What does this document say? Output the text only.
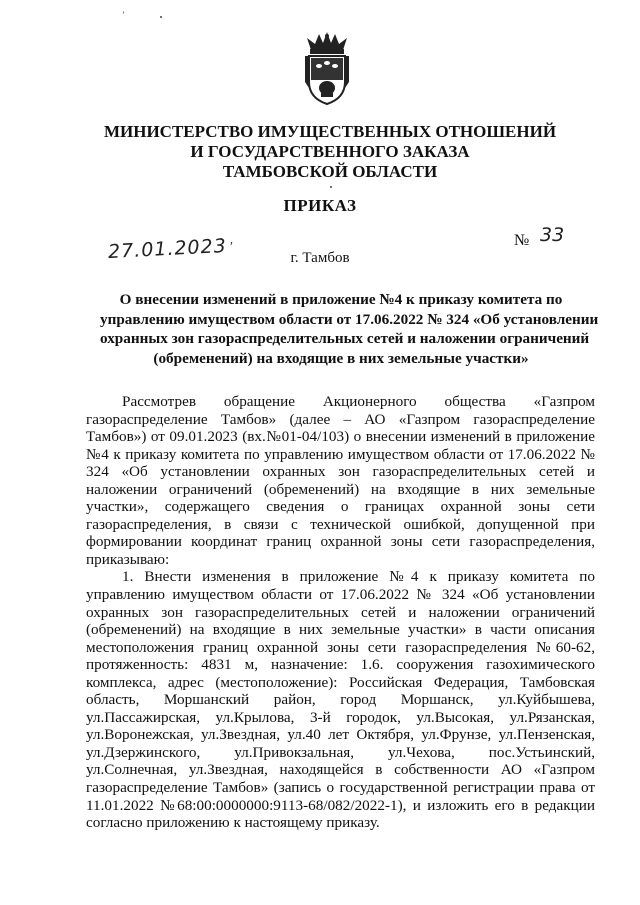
ʼ
МИНИСТЕРСТВО ИМУЩЕСТВЕННЫХ ОТНОШЕНИЙ
И ГОСУДАРСТВЕННОГО ЗАКАЗА
ТАМБОВСКОЙ ОБЛАСТИ
ПРИКАЗ
27.01.2023 ′	№ 33
г. Тамбов
О внесении изменений в приложение №4 к приказу комитета по
управлению имуществом области от 17.06.2022 № 324 «Об установлении
охранных зон газораспределительных сетей и наложении ограничений
(обременений) на входящие в них земельные участки»
Рассмотрев обращение Акционерного общества «Газпром газораспределение Тамбов» (далее – АО «Газпром газораспределение Тамбов») от 09.01.2023 (вх.№01-04/103) о внесении изменений в приложение №4 к приказу комитета по управлению имуществом области от 17.06.2022 № 324 «Об установлении охранных зон газораспределительных сетей и наложении ограничений (обременений) на входящие в них земельные участки», содержащего сведения о границах охранной зоны сети газораспределения, в связи с технической ошибкой, допущенной при формировании координат границ охранной зоны сети газораспределения, приказываю:
1. Внести изменения в приложение №4 к приказу комитета по управлению имуществом области от 17.06.2022 № 324 «Об установлении охранных зон газораспределительных сетей и наложении ограничений (обременений) на входящие в них земельные участки» в части описания местоположения границ охранной зоны сети газораспределения №60-62, протяженность: 4831 м, назначение: 1.6. сооружения газохимического комплекса, адрес (местоположение): Российская Федерация, Тамбовская область, Моршанский район, город Моршанск, ул.Куйбышева, ул.Пассажирская, ул.Крылова, 3-й городок, ул.Высокая, ул.Рязанская, ул.Воронежская, ул.Звездная, ул.40 лет Октября, ул.Фрунзе, ул.Пензенская, ул.Дзержинского, ул.Привокзальная, ул.Чехова, пос.Устьинский, ул.Солнечная, ул.Звездная, находящейся в собственности АО «Газпром газораспределение Тамбов» (запись о государственной регистрации права от 11.01.2022 №68:00:0000000:9113-68/082/2022-1), и изложить его в редакции согласно приложению к настоящему приказу.
